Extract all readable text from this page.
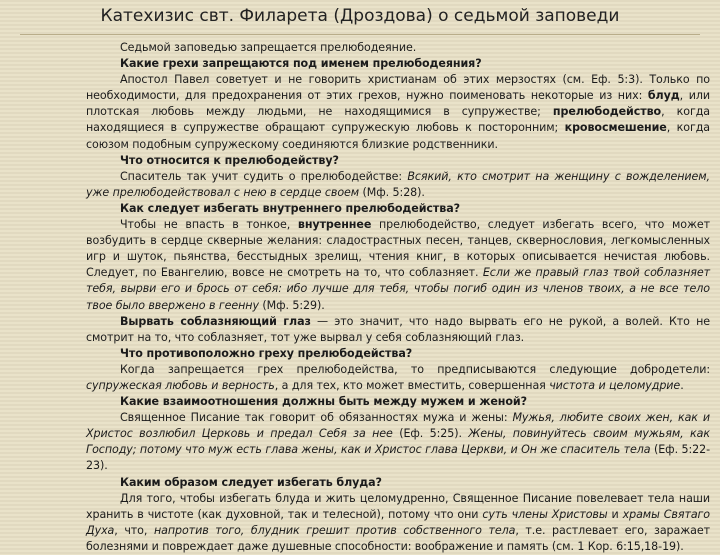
Катехизис свт. Филарета (Дроздова) о седьмой заповеди

Седьмой заповедью запрещается прелюбодеяние.

Какие грехи запрещаются под именем прелюбодеяния?

Апостол Павел советует и не говорить христианам об этих мерзостях (см. Еф. 5:3). Только по необходимости, для предохранения от этих грехов, нужно поименовать некоторые из них: блуд, или плотская любовь между людьми, не находящимися в супружестве; прелюбодейство, когда находящиеся в супружестве обращают супружескую любовь к посторонним; кровосмешение, когда союзом подобным супружескому соединяются близкие родственники.

Что относится к прелюбодейству?

Спаситель так учит судить о прелюбодействе: Всякий, кто смотрит на женщину с вожделением, уже прелюбодействовал с нею в сердце своем (Мф. 5:28).

Как следует избегать внутреннего прелюбодейства?

Чтобы не впасть в тонкое, внутреннее прелюбодейство, следует избегать всего, что может возбудить в сердце скверные желания: сладострастных песен, танцев, сквернословия, легкомысленных игр и шуток, пьянства, бесстыдных зрелищ, чтения книг, в которых описывается нечистая любовь. Следует, по Евангелию, вовсе не смотреть на то, что соблазняет. Если же правый глаз твой соблазняет тебя, вырви его и брось от себя: ибо лучше для тебя, чтобы погиб один из членов твоих, а не все тело твое было ввержено в геенну (Мф. 5:29).

Вырвать соблазняющий глаз — это значит, что надо вырвать его не рукой, а волей. Кто не смотрит на то, что соблазняет, тот уже вырвал у себя соблазняющий глаз.

Что противоположно греху прелюбодейства?

Когда запрещается грех прелюбодейства, то предписываются следующие добродетели: супружеская любовь и верность, а для тех, кто может вместить, совершенная чистота и целомудрие.

Какие взаимоотношения должны быть между мужем и женой?

Священное Писание так говорит об обязанностях мужа и жены: Мужья, любите своих жен, как и Христос возлюбил Церковь и предал Себя за нее (Еф. 5:25). Жены, повинуйтесь своим мужьям, как Господу; потому что муж есть глава жены, как и Христос глава Церкви, и Он же спаситель тела (Еф. 5:22-23).

Каким образом следует избегать блуда?

Для того, чтобы избегать блуда и жить целомудренно, Священное Писание повелевает тела наши хранить в чистоте (как духовной, так и телесной), потому что они суть члены Христовы и храмы Святаго Духа, что, напротив того, блудник грешит против собственного тела, т.е. растлевает его, заражает болезнями и повреждает даже душевные способности: воображение и память (см. 1 Кор. 6:15,18-19).
